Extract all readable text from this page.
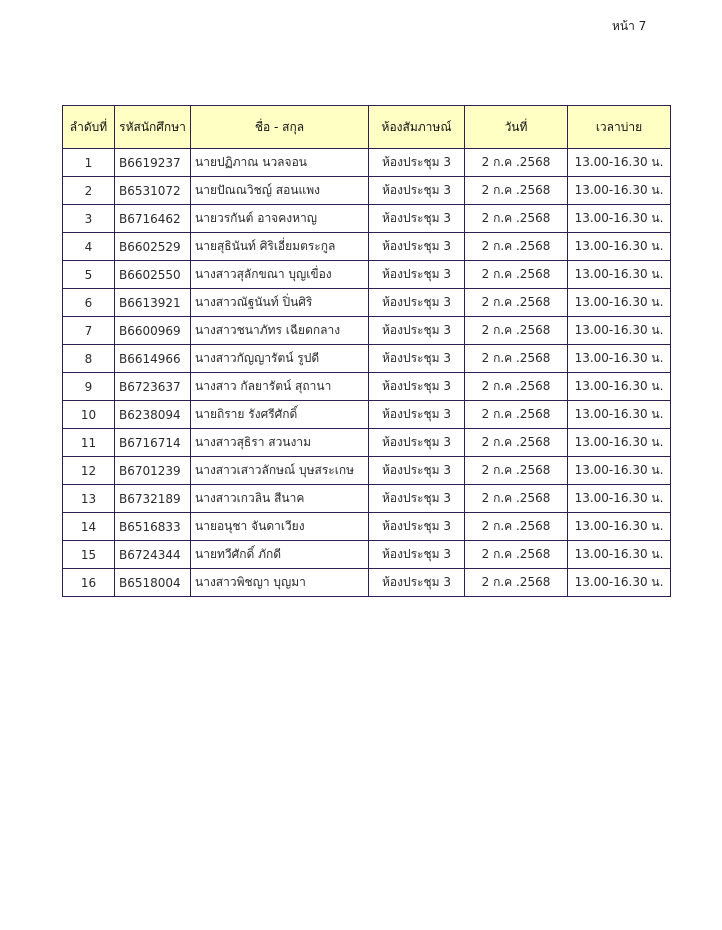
หน้า 7
ลำดับที่	รหัสนักศึกษา	ชื่อ - สกุล	ห้องสัมภาษณ์	วันที่	เวลาบ่าย
1	B6619237	นายปฏิภาณ นวลจอน	ห้องประชุม 3	2 ก.ค .2568	13.00-16.30 น.
2	B6531072	นายปัณณวิชญ์ สอนแพง	ห้องประชุม 3	2 ก.ค .2568	13.00-16.30 น.
3	B6716462	นายวรกันต์ อาจคงหาญ	ห้องประชุม 3	2 ก.ค .2568	13.00-16.30 น.
4	B6602529	นายสุธินันท์ ศิริเอี่ยมตระกูล	ห้องประชุม 3	2 ก.ค .2568	13.00-16.30 น.
5	B6602550	นางสาวสุลักขณา บุญเขื่อง	ห้องประชุม 3	2 ก.ค .2568	13.00-16.30 น.
6	B6613921	นางสาวณัฐนันท์ ปิ่นศิริ	ห้องประชุม 3	2 ก.ค .2568	13.00-16.30 น.
7	B6600969	นางสาวชนาภัทร เฉียดกลาง	ห้องประชุม 3	2 ก.ค .2568	13.00-16.30 น.
8	B6614966	นางสาวกัญญารัตน์ รูปดี	ห้องประชุม 3	2 ก.ค .2568	13.00-16.30 น.
9	B6723637	นางสาว กัลยารัตน์ สุถานา	ห้องประชุม 3	2 ก.ค .2568	13.00-16.30 น.
10	B6238094	นายถิราย รังศรีศักดิ์	ห้องประชุม 3	2 ก.ค .2568	13.00-16.30 น.
11	B6716714	นางสาวสุธิรา สวนงาม	ห้องประชุม 3	2 ก.ค .2568	13.00-16.30 น.
12	B6701239	นางสาวเสาวลักษณ์ บุษสระเกษ	ห้องประชุม 3	2 ก.ค .2568	13.00-16.30 น.
13	B6732189	นางสาวเกวลิน สีนาค	ห้องประชุม 3	2 ก.ค .2568	13.00-16.30 น.
14	B6516833	นายอนุชา จันดาเวียง	ห้องประชุม 3	2 ก.ค .2568	13.00-16.30 น.
15	B6724344	นายทวีศักดิ์ ภักดี	ห้องประชุม 3	2 ก.ค .2568	13.00-16.30 น.
16	B6518004	นางสาวพิชญา บุญมา	ห้องประชุม 3	2 ก.ค .2568	13.00-16.30 น.
